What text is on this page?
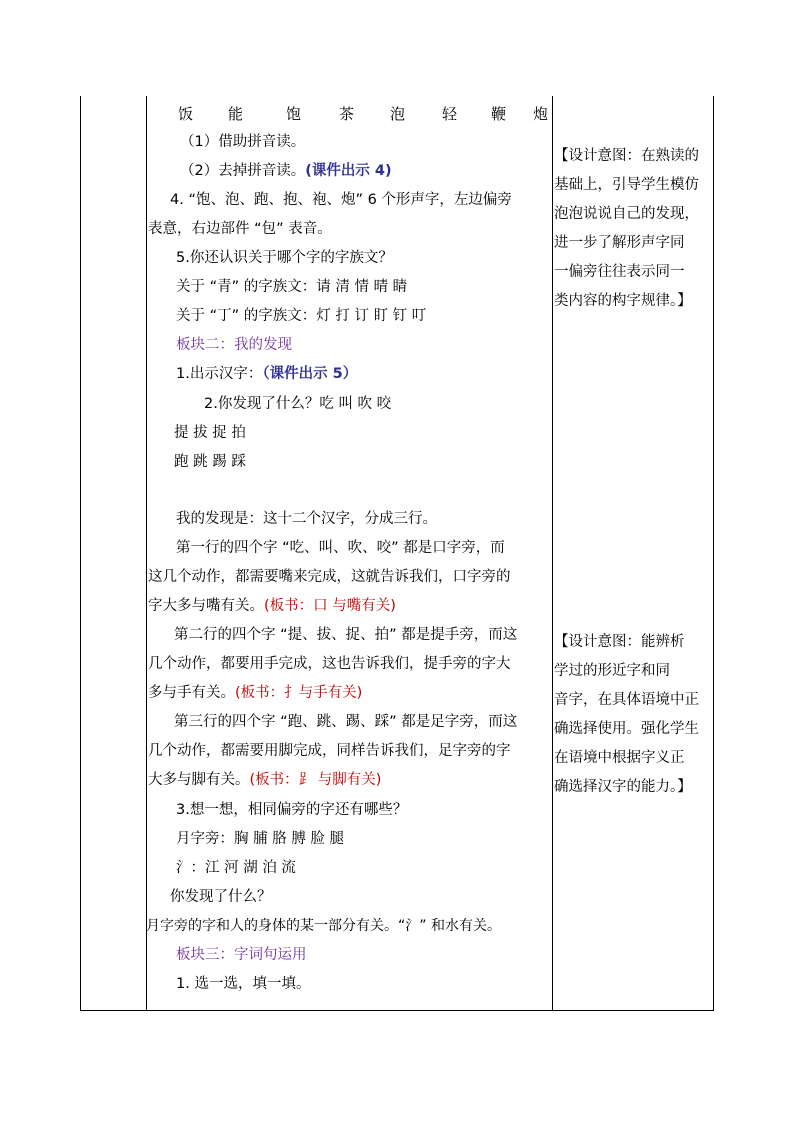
饭 能	饱	茶 泡 轻 鞭 炮
（1）借助拼音读。
（2）去掉拼音读。(课件出示 4)
4. “饱、泡、跑、抱、袍、炮” 6 个形声字，左边偏旁
表意，右边部件 “包” 表音。
5.你还认识关于哪个字的字族文？
关于 “青” 的字族文：请 清 情 晴 睛
关于 “丁” 的字族文：灯 打 订 盯 钉 叮
板块二：我的发现
1.出示汉字：（课件出示 5）
2.你发现了什么？吃 叫 吹 咬
提 拔 捉 拍
跑 跳 踢 踩
我的发现是：这十二个汉字，分成三行。
第一行的四个字 “吃、叫、吹、咬” 都是口字旁，而
这几个动作，都需要嘴来完成，这就告诉我们，口字旁的
字大多与嘴有关。(板书：口 与嘴有关)
第二行的四个字 “提、拔、捉、拍” 都是提手旁，而这
几个动作，都要用手完成，这也告诉我们，提手旁的字大
多与手有关。(板书：扌与手有关)
第三行的四个字 “跑、跳、踢、踩” 都是足字旁，而这
几个动作，都需要用脚完成，同样告诉我们，足字旁的字
大多与脚有关。(板书：⻊ 与脚有关)
3.想一想，相同偏旁的字还有哪些？
月字旁：胸 脯 胳 膊 脸 腿
氵：江 河 湖 泊 流
你发现了什么？
月字旁的字和人的身体的某一部分有关。“氵” 和水有关。
板块三：字词句运用
1. 选一选，填一填。
【设计意图：在熟读的
基础上，引导学生模仿
泡泡说说自己的发现，
进一步了解形声字同
一偏旁往往表示同一
类内容的构字规律。】
【设计意图：能辨析
学过的形近字和同
音字，在具体语境中正
确选择使用。强化学生
在语境中根据字义正
确选择汉字的能力。】
